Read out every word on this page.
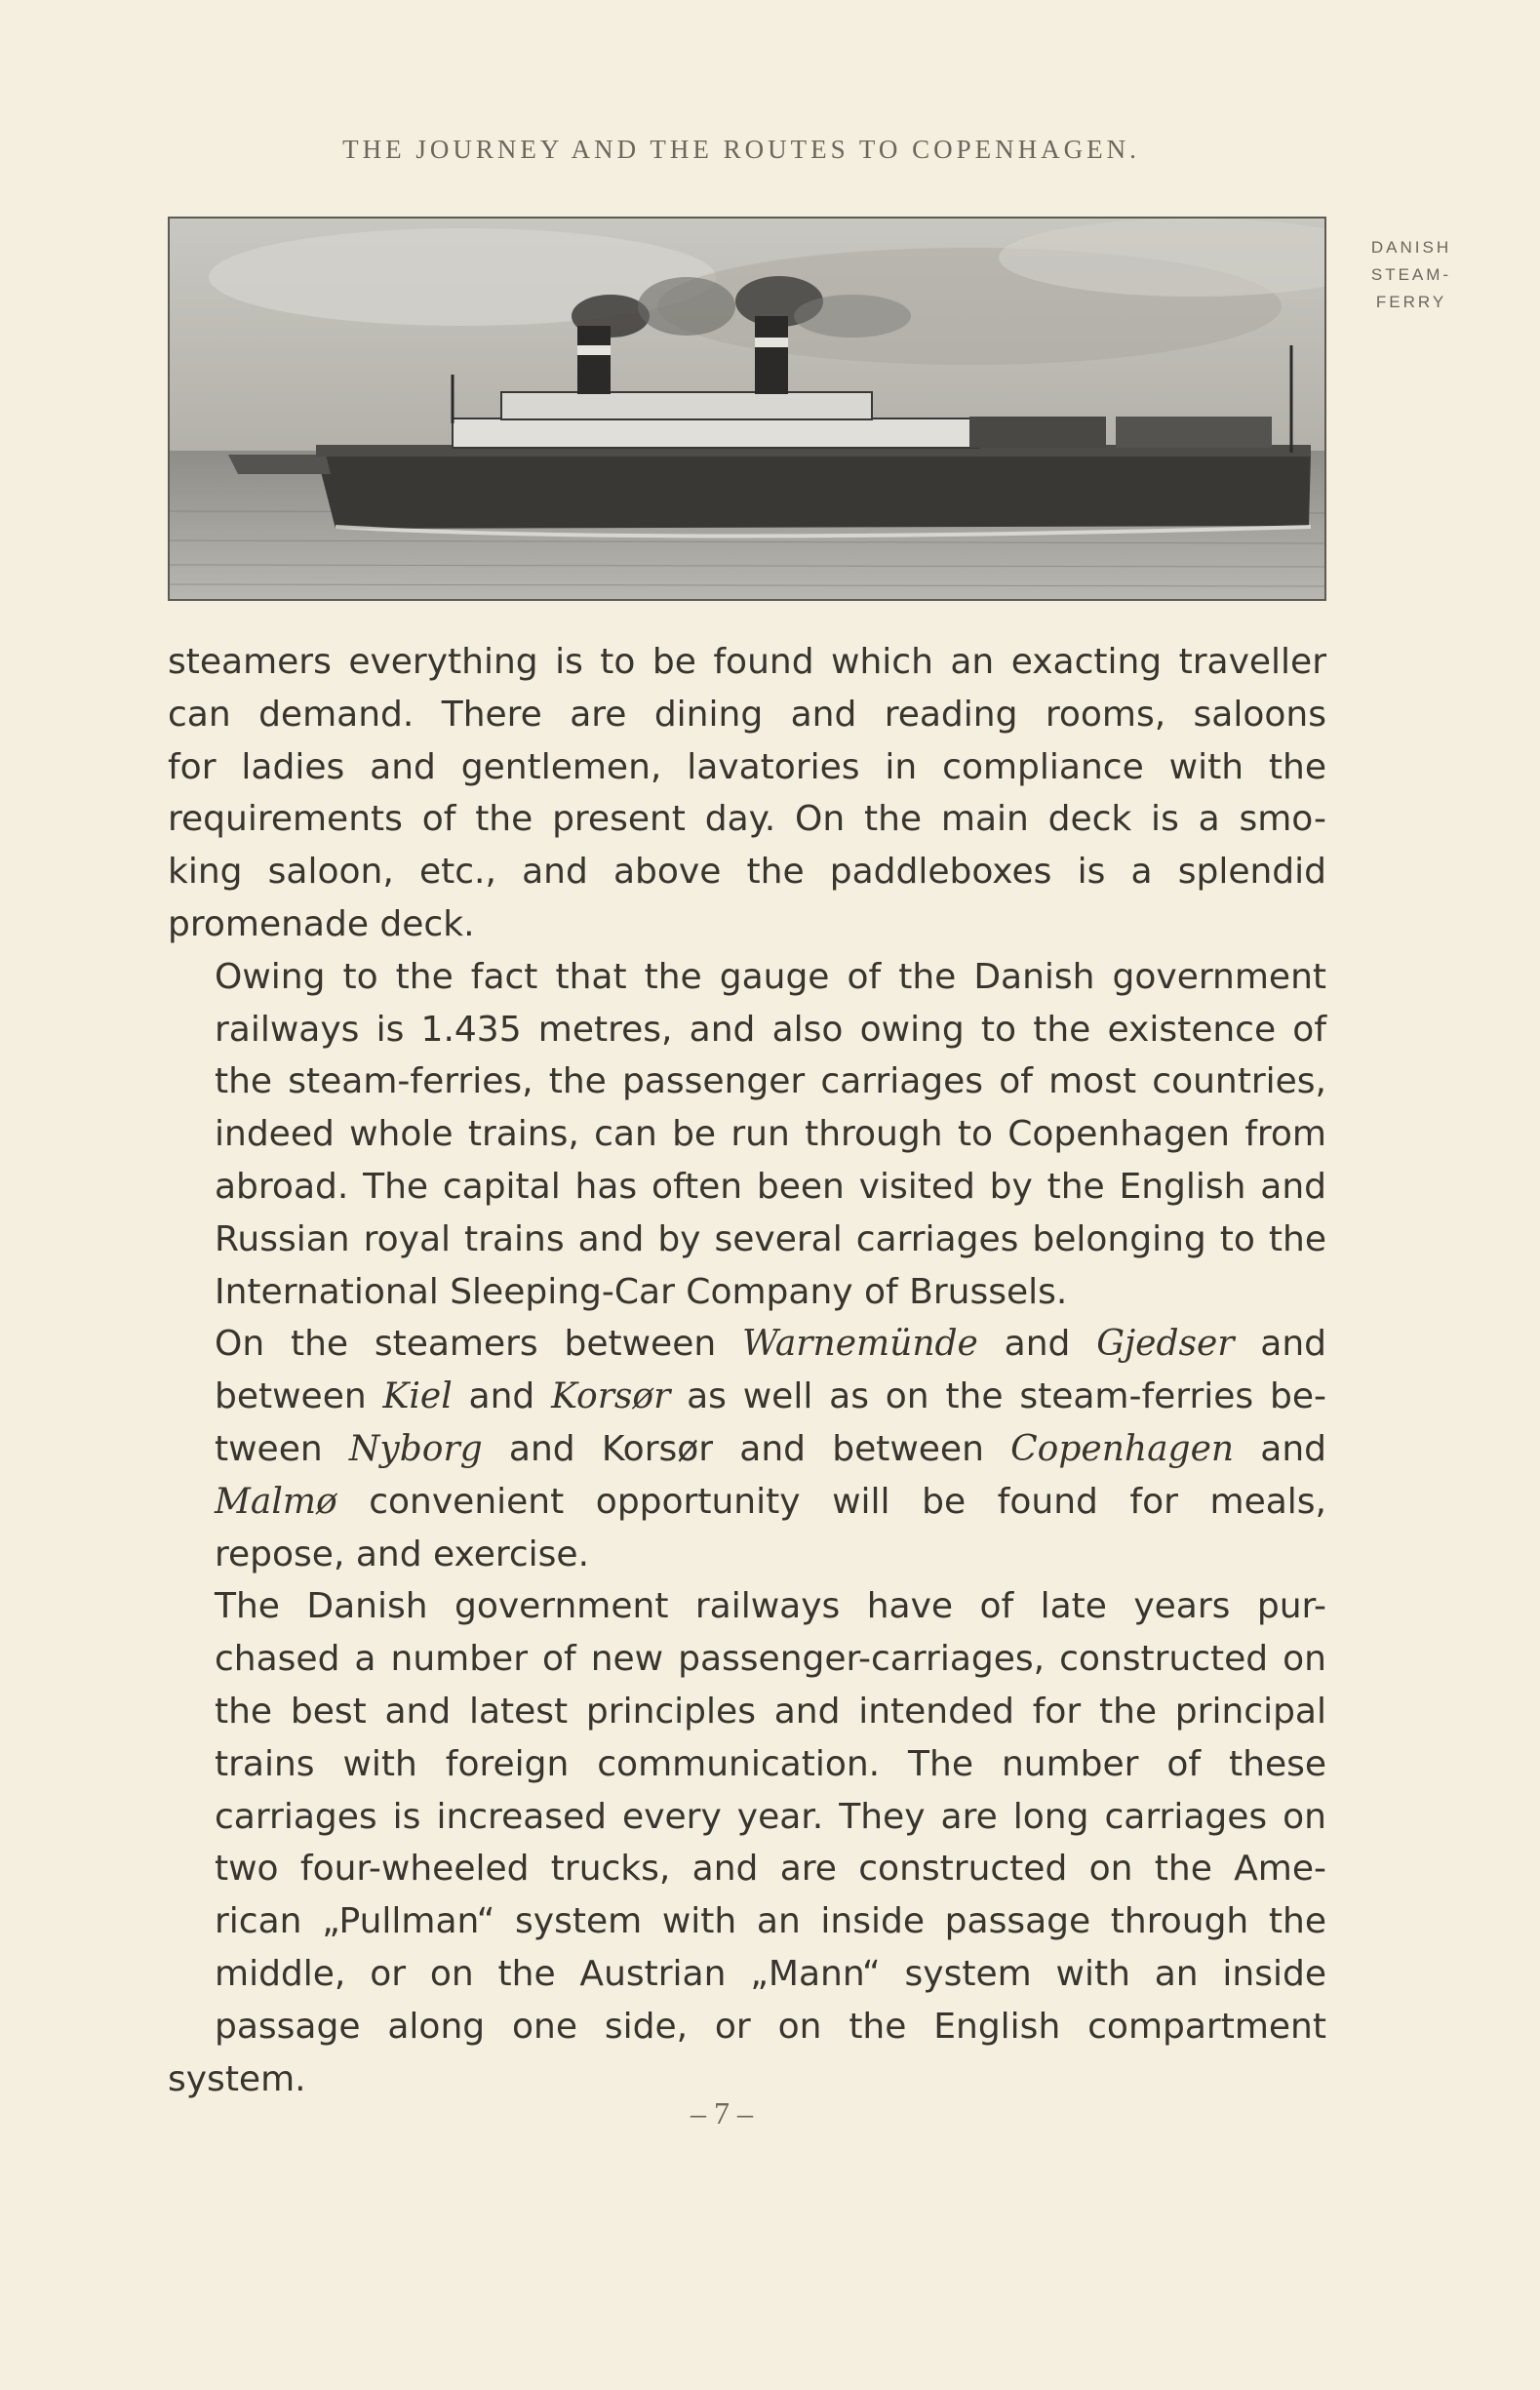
THE JOURNEY AND THE ROUTES TO COPENHAGEN.
DANISH
STEAM-
FERRY

steamers everything is to be found which an exacting traveller
can demand. There are dining and reading rooms, saloons
for ladies and gentlemen, lavatories in compliance with the
requirements of the present day. On the main deck is a smo-
king saloon, etc., and above the paddleboxes is a splendid
promenade deck.

Owing to the fact that the gauge of the Danish government
railways is 1.435 metres, and also owing to the existence of
the steam-ferries, the passenger carriages of most countries,
indeed whole trains, can be run through to Copenhagen from
abroad. The capital has often been visited by the English and
Russian royal trains and by several carriages belonging to the
International Sleeping-Car Company of Brussels.

On the steamers between Warnemünde and Gjedser and
between Kiel and Korsør as well as on the steam-ferries be-
tween Nyborg and Korsør and between Copenhagen and
Malmø convenient opportunity will be found for meals,
repose, and exercise.

The Danish government railways have of late years pur-
chased a number of new passenger-carriages, constructed on
the best and latest principles and intended for the principal
trains with foreign communication. The number of these
carriages is increased every year. They are long carriages on
two four-wheeled trucks, and are constructed on the Ame-
rican „Pullman“ system with an inside passage through the
middle, or on the Austrian „Mann“ system with an inside
passage along one side, or on the English compartment system.

– 7 –
